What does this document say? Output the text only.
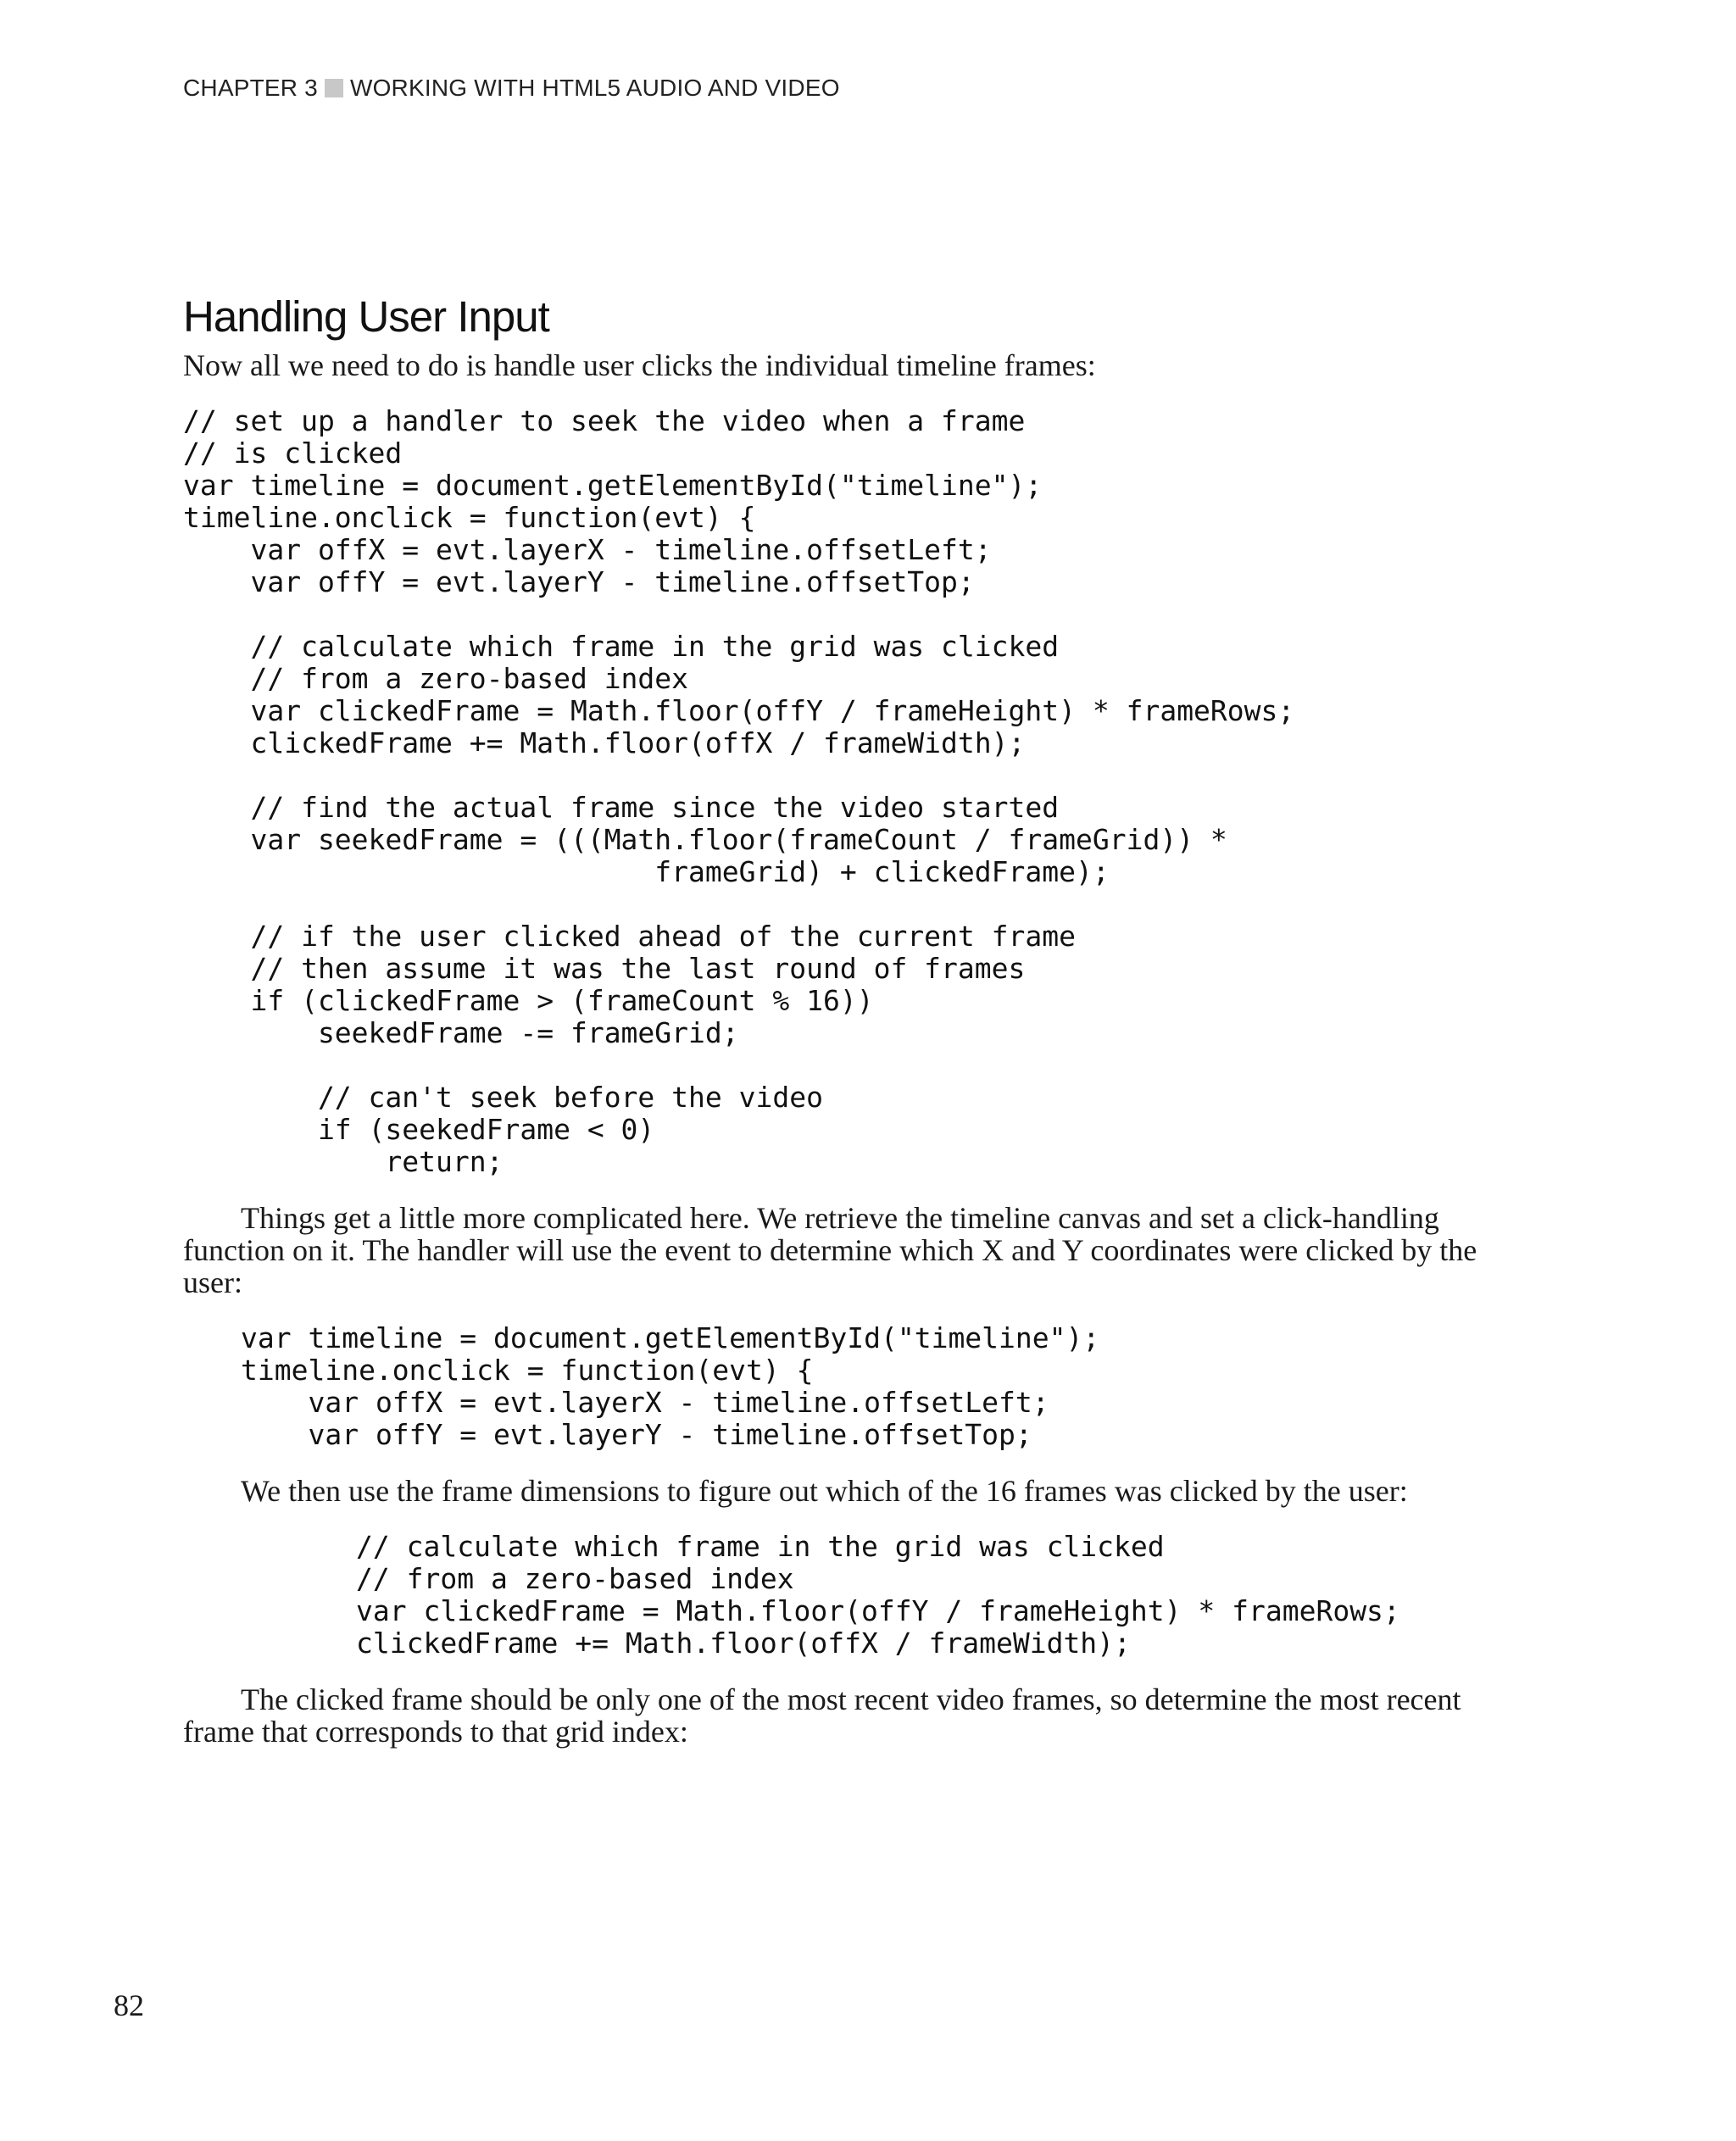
CHAPTER 3 WORKING WITH HTML5 AUDIO AND VIDEO
Handling User Input

Now all we need to do is handle user clicks the individual timeline frames:

// set up a handler to seek the video when a frame
// is clicked
var timeline = document.getElementById("timeline");
timeline.onclick = function(evt) {
var offX = evt.layerX - timeline.offsetLeft;
var offY = evt.layerY - timeline.offsetTop;

// calculate which frame in the grid was clicked
// from a zero-based index
var clickedFrame = Math.floor(offY / frameHeight) * frameRows;
clickedFrame += Math.floor(offX / frameWidth);

// find the actual frame since the video started
var seekedFrame = (((Math.floor(frameCount / frameGrid)) *
frameGrid) + clickedFrame);

// if the user clicked ahead of the current frame
// then assume it was the last round of frames
if (clickedFrame > (frameCount % 16))
seekedFrame -= frameGrid;

// can't seek before the video
if (seekedFrame < 0)
return;

Things get a little more complicated here. We retrieve the timeline canvas and set a click-handling function on it. The handler will use the event to determine which X and Y coordinates were clicked by the user:

var timeline = document.getElementById("timeline");
timeline.onclick = function(evt) {
var offX = evt.layerX - timeline.offsetLeft;
var offY = evt.layerY - timeline.offsetTop;

We then use the frame dimensions to figure out which of the 16 frames was clicked by the user:

// calculate which frame in the grid was clicked
// from a zero-based index
var clickedFrame = Math.floor(offY / frameHeight) * frameRows;
clickedFrame += Math.floor(offX / frameWidth);

The clicked frame should be only one of the most recent video frames, so determine the most recent frame that corresponds to that grid index:

82
